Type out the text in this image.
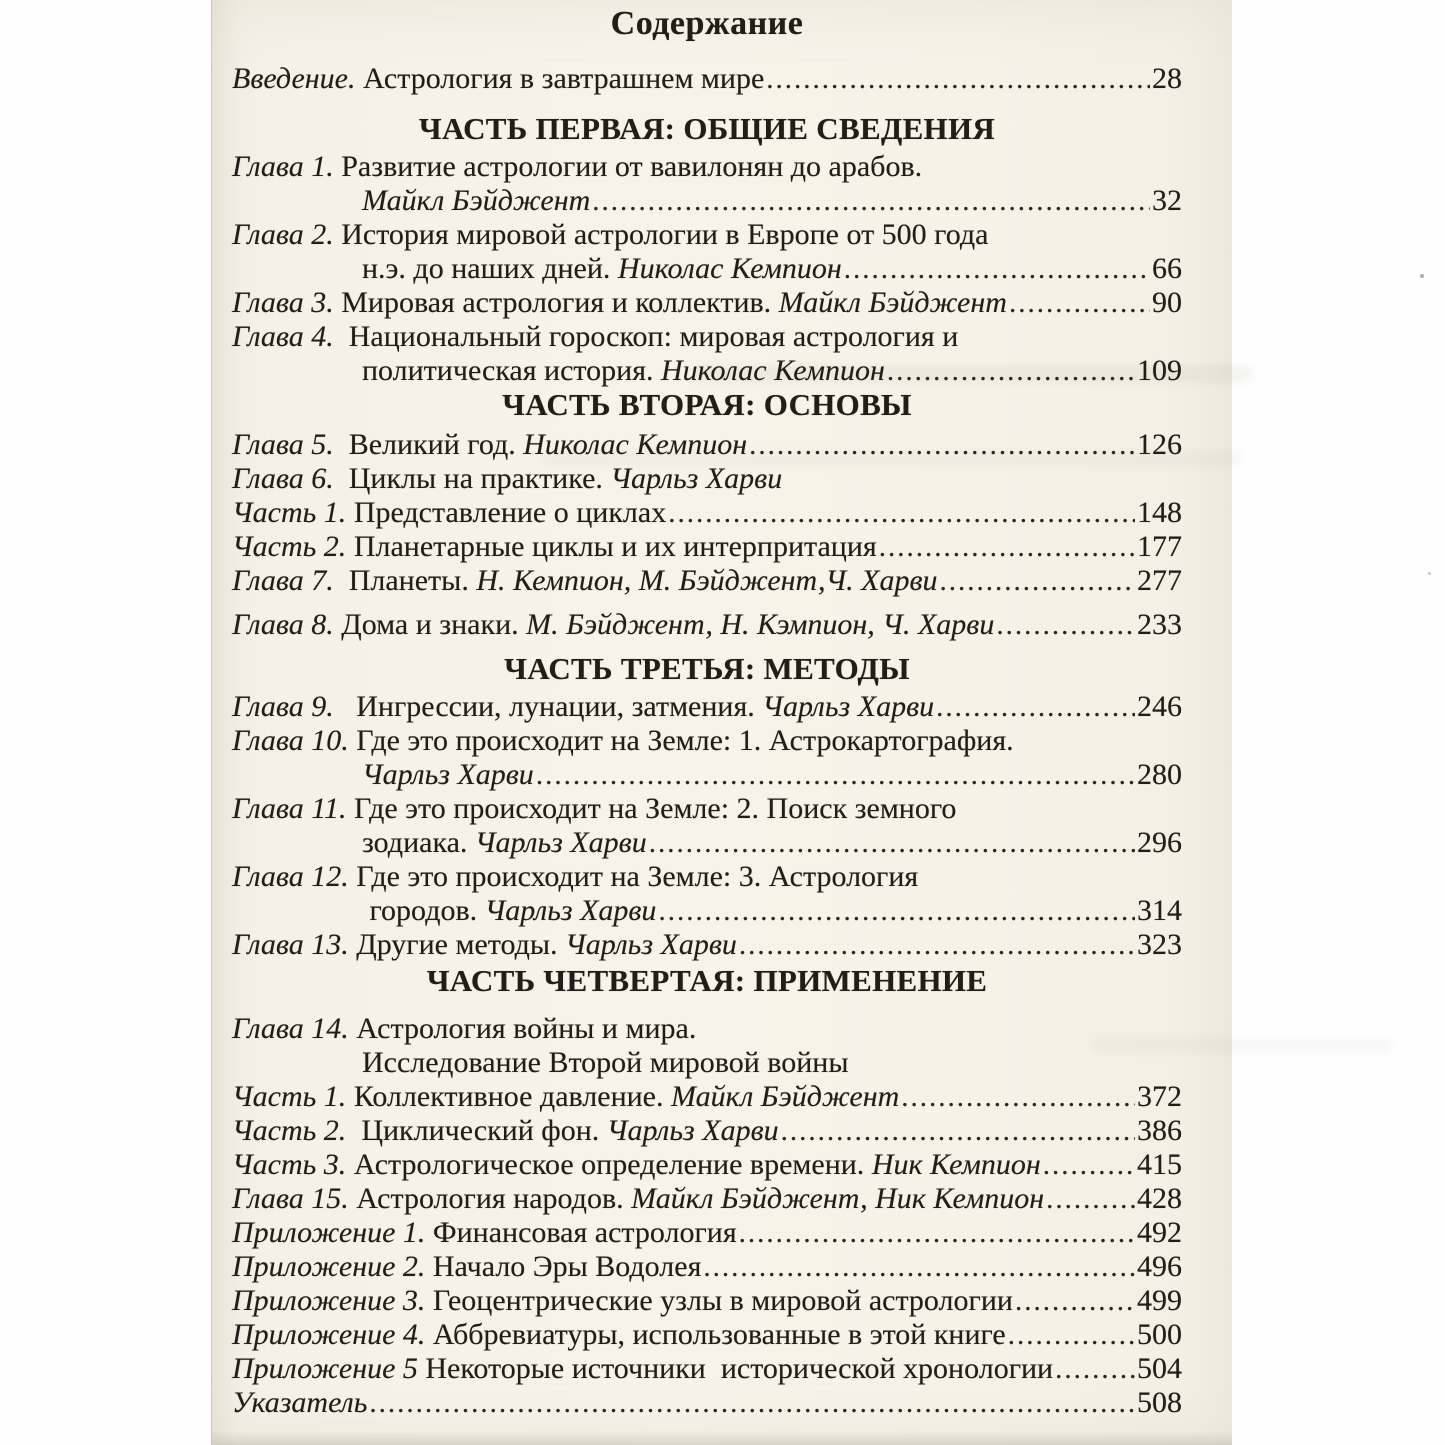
Содержание
Введение. Астрология в завтрашнем мире .....	28
ЧАСТЬ ПЕРВАЯ: ОБЩИЕ СВЕДЕНИЯ
Глава 1. Развитие астрологии от вавилонян до арабов.
Майкл Бэйджент .....	32
Глава 2. История мировой астрологии в Европе от 500 года
н.э. до наших дней. Николас Кемпион .....	66
Глава 3. Мировая астрология и коллектив. Майкл Бэйджент .....	90
Глава 4. Национальный гороскоп: мировая астрология и
политическая история. Николас Кемпион .....	109
ЧАСТЬ ВТОРАЯ: ОСНОВЫ
Глава 5. Великий год. Николас Кемпион .....	126
Глава 6. Циклы на практике. Чарльз Харви
Часть 1. Представление о циклах .....	148
Часть 2. Планетарные циклы и их интерпритация .....	177
Глава 7. Планеты. Н. Кемпион, М. Бэйджент,Ч. Харви .....	277
Глава 8. Дома и знаки. М. Бэйджент, Н. Кэмпион, Ч. Харви .....	233
ЧАСТЬ ТРЕТЬЯ: МЕТОДЫ
Глава 9. Ингрессии, лунации, затмения. Чарльз Харви .....	246
Глава 10. Где это происходит на Земле: 1. Астрокартография.
Чарльз Харви .....	280
Глава 11. Где это происходит на Земле: 2. Поиск земного
зодиака. Чарльз Харви .....	296
Глава 12. Где это происходит на Земле: 3. Астрология
городов. Чарльз Харви .....	314
Глава 13. Другие методы. Чарльз Харви .....	323
ЧАСТЬ ЧЕТВЕРТАЯ: ПРИМЕНЕНИЕ
Глава 14. Астрология войны и мира.
Исследование Второй мировой войны
Часть 1. Коллективное давление. Майкл Бэйджент .....	372
Часть 2. Циклический фон. Чарльз Харви .....	386
Часть 3. Астрологическое определение времени. Ник Кемпион .....	415
Глава 15. Астрология народов. Майкл Бэйджент, Ник Кемпион .....	428
Приложение 1. Финансовая астрология .....	492
Приложение 2. Начало Эры Водолея .....	496
Приложение 3. Геоцентрические узлы в мировой астрологии .....	499
Приложение 4. Аббревиатуры, использованные в этой книге .....	500
Приложение 5 Некоторые источники  исторической хронологии .....	504
Указатель .....	508
